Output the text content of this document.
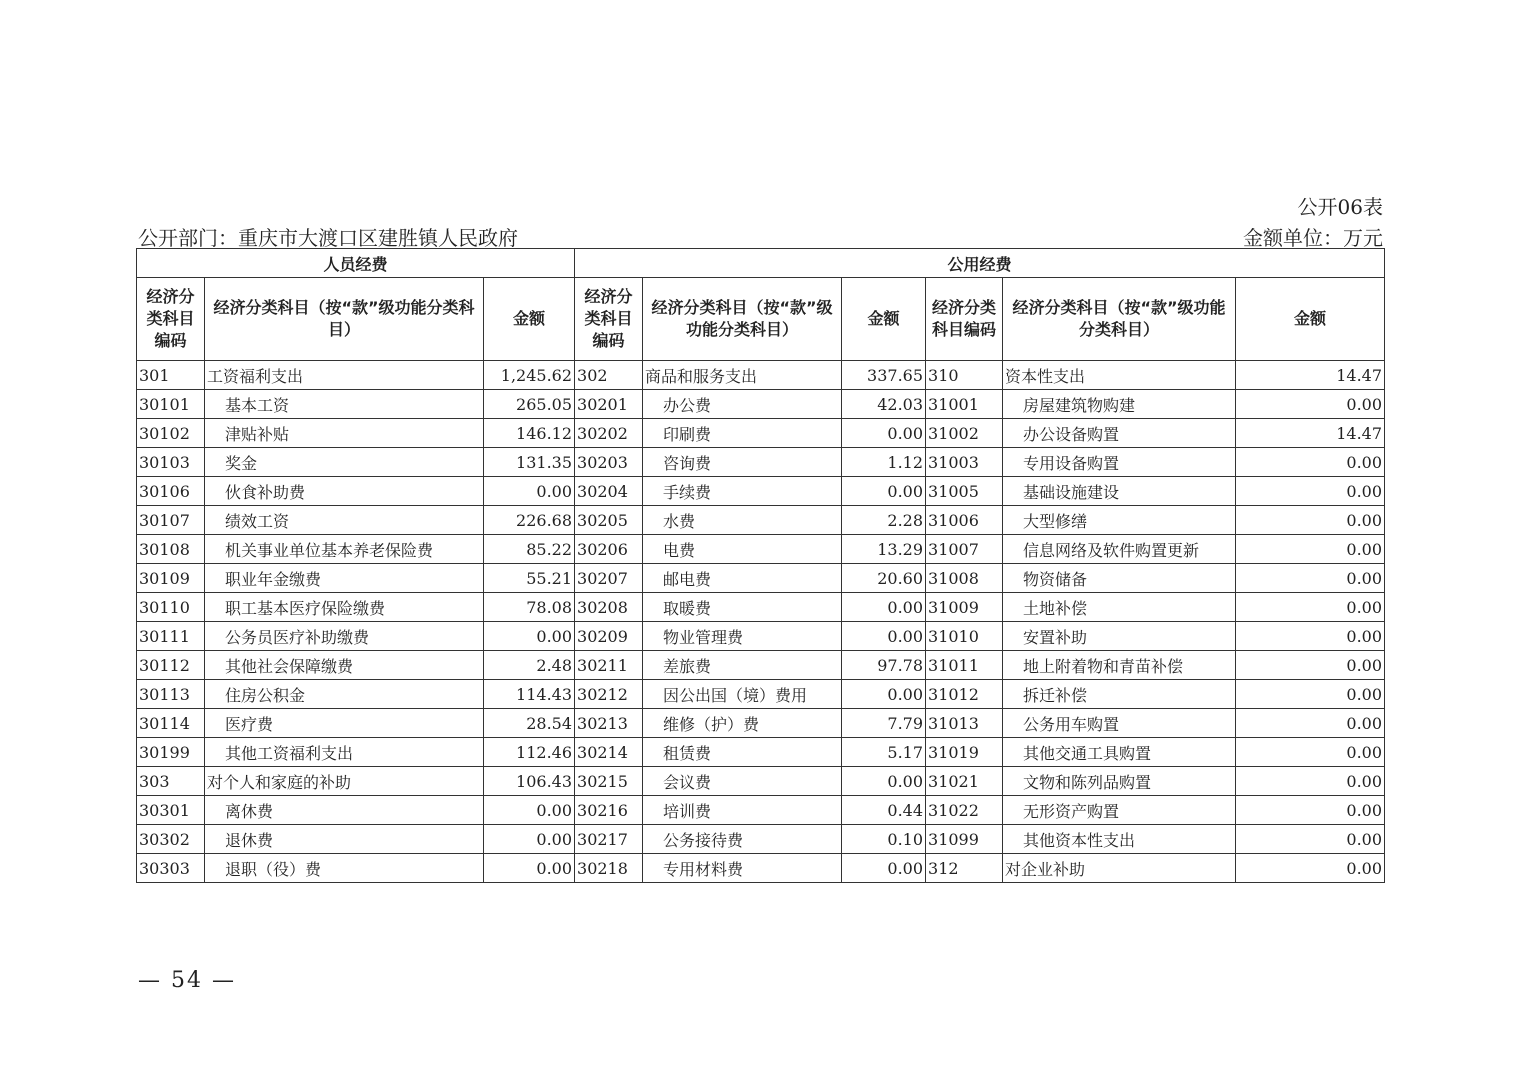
公开06表
公开部门：重庆市大渡口区建胜镇人民政府	金额单位：万元
人员经费			公用经费					
经济分类科目编码	经济分类科目（按“款”级功能分类科目）	金额	经济分类科目编码	经济分类科目（按“款”级功能分类科目）	金额	经济分类科目编码	经济分类科目（按“款”级功能分类科目）	金额
301	工资福利支出	1,245.62	302	商品和服务支出	337.65	310	资本性支出	14.47
30101	基本工资	265.05	30201	办公费	42.03	31001	房屋建筑物购建	0.00
30102	津贴补贴	146.12	30202	印刷费	0.00	31002	办公设备购置	14.47
30103	奖金	131.35	30203	咨询费	1.12	31003	专用设备购置	0.00
30106	伙食补助费	0.00	30204	手续费	0.00	31005	基础设施建设	0.00
30107	绩效工资	226.68	30205	水费	2.28	31006	大型修缮	0.00
30108	机关事业单位基本养老保险费	85.22	30206	电费	13.29	31007	信息网络及软件购置更新	0.00
30109	职业年金缴费	55.21	30207	邮电费	20.60	31008	物资储备	0.00
30110	职工基本医疗保险缴费	78.08	30208	取暖费	0.00	31009	土地补偿	0.00
30111	公务员医疗补助缴费	0.00	30209	物业管理费	0.00	31010	安置补助	0.00
30112	其他社会保障缴费	2.48	30211	差旅费	97.78	31011	地上附着物和青苗补偿	0.00
30113	住房公积金	114.43	30212	因公出国（境）费用	0.00	31012	拆迁补偿	0.00
30114	医疗费	28.54	30213	维修（护）费	7.79	31013	公务用车购置	0.00
30199	其他工资福利支出	112.46	30214	租赁费	5.17	31019	其他交通工具购置	0.00
303	对个人和家庭的补助	106.43	30215	会议费	0.00	31021	文物和陈列品购置	0.00
30301	离休费	0.00	30216	培训费	0.44	31022	无形资产购置	0.00
30302	退休费	0.00	30217	公务接待费	0.10	31099	其他资本性支出	0.00
30303	退职（役）费	0.00	30218	专用材料费	0.00	312	对企业补助	0.00
— 54 —
